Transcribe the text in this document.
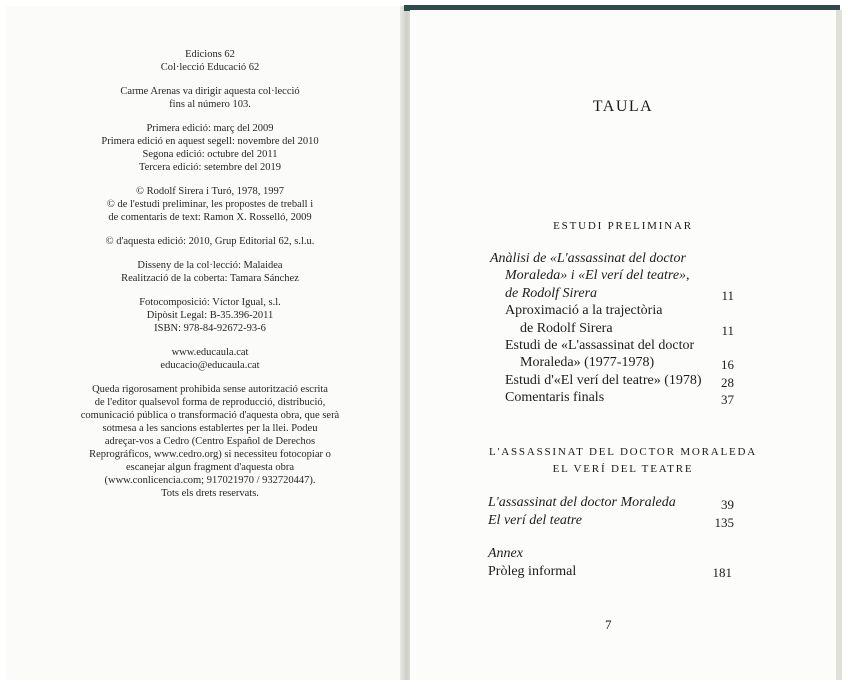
Edicions 62
Col·lecció Educació 62
Carme Arenas va dirigir aquesta col·lecció
fins al número 103.
Primera edició: març del 2009
Primera edició en aquest segell: novembre del 2010
Segona edició: octubre del 2011
Tercera edició: setembre del 2019
© Rodolf Sirera i Turó, 1978, 1997
© de l'estudi preliminar, les propostes de treball i
de comentaris de text: Ramon X. Rosselló, 2009
© d'aquesta edició: 2010, Grup Editorial 62, s.l.u.
Disseny de la col·lecció: Malaidea
Realització de la coberta: Tamara Sánchez
Fotocomposició: Víctor Igual, s.l.
Dipòsit Legal: B-35.396-2011
ISBN: 978-84-92672-93-6
www.educaula.cat
educacio@educaula.cat
Queda rigorosament prohibida sense autorització escrita
de l'editor qualsevol forma de reproducció, distribució,
comunicació pública o transformació d'aquesta obra, que serà
sotmesa a les sancions establertes per la llei. Podeu
adreçar-vos a Cedro (Centro Español de Derechos
Reprográficos, www.cedro.org) si necessiteu fotocopiar o
escanejar algun fragment d'aquesta obra
(www.conlicencia.com; 917021970 / 932720447).
Tots els drets reservats.
TAULA
ESTUDI PRELIMINAR
Anàlisi de «L'assassinat del doctor
Moraleda» i «El verí del teatre»,
de Rodolf Sirera	11
Aproximació a la trajectòria
de Rodolf Sirera	11
Estudi de «L'assassinat del doctor
Moraleda» (1977-1978)	16
Estudi d'«El verí del teatre» (1978)	28
Comentaris finals	37
L'ASSASSINAT DEL DOCTOR MORALEDA
EL VERÍ DEL TEATRE
L'assassinat del doctor Moraleda	39
El verí del teatre	135
Annex
Pròleg informal	181
7
